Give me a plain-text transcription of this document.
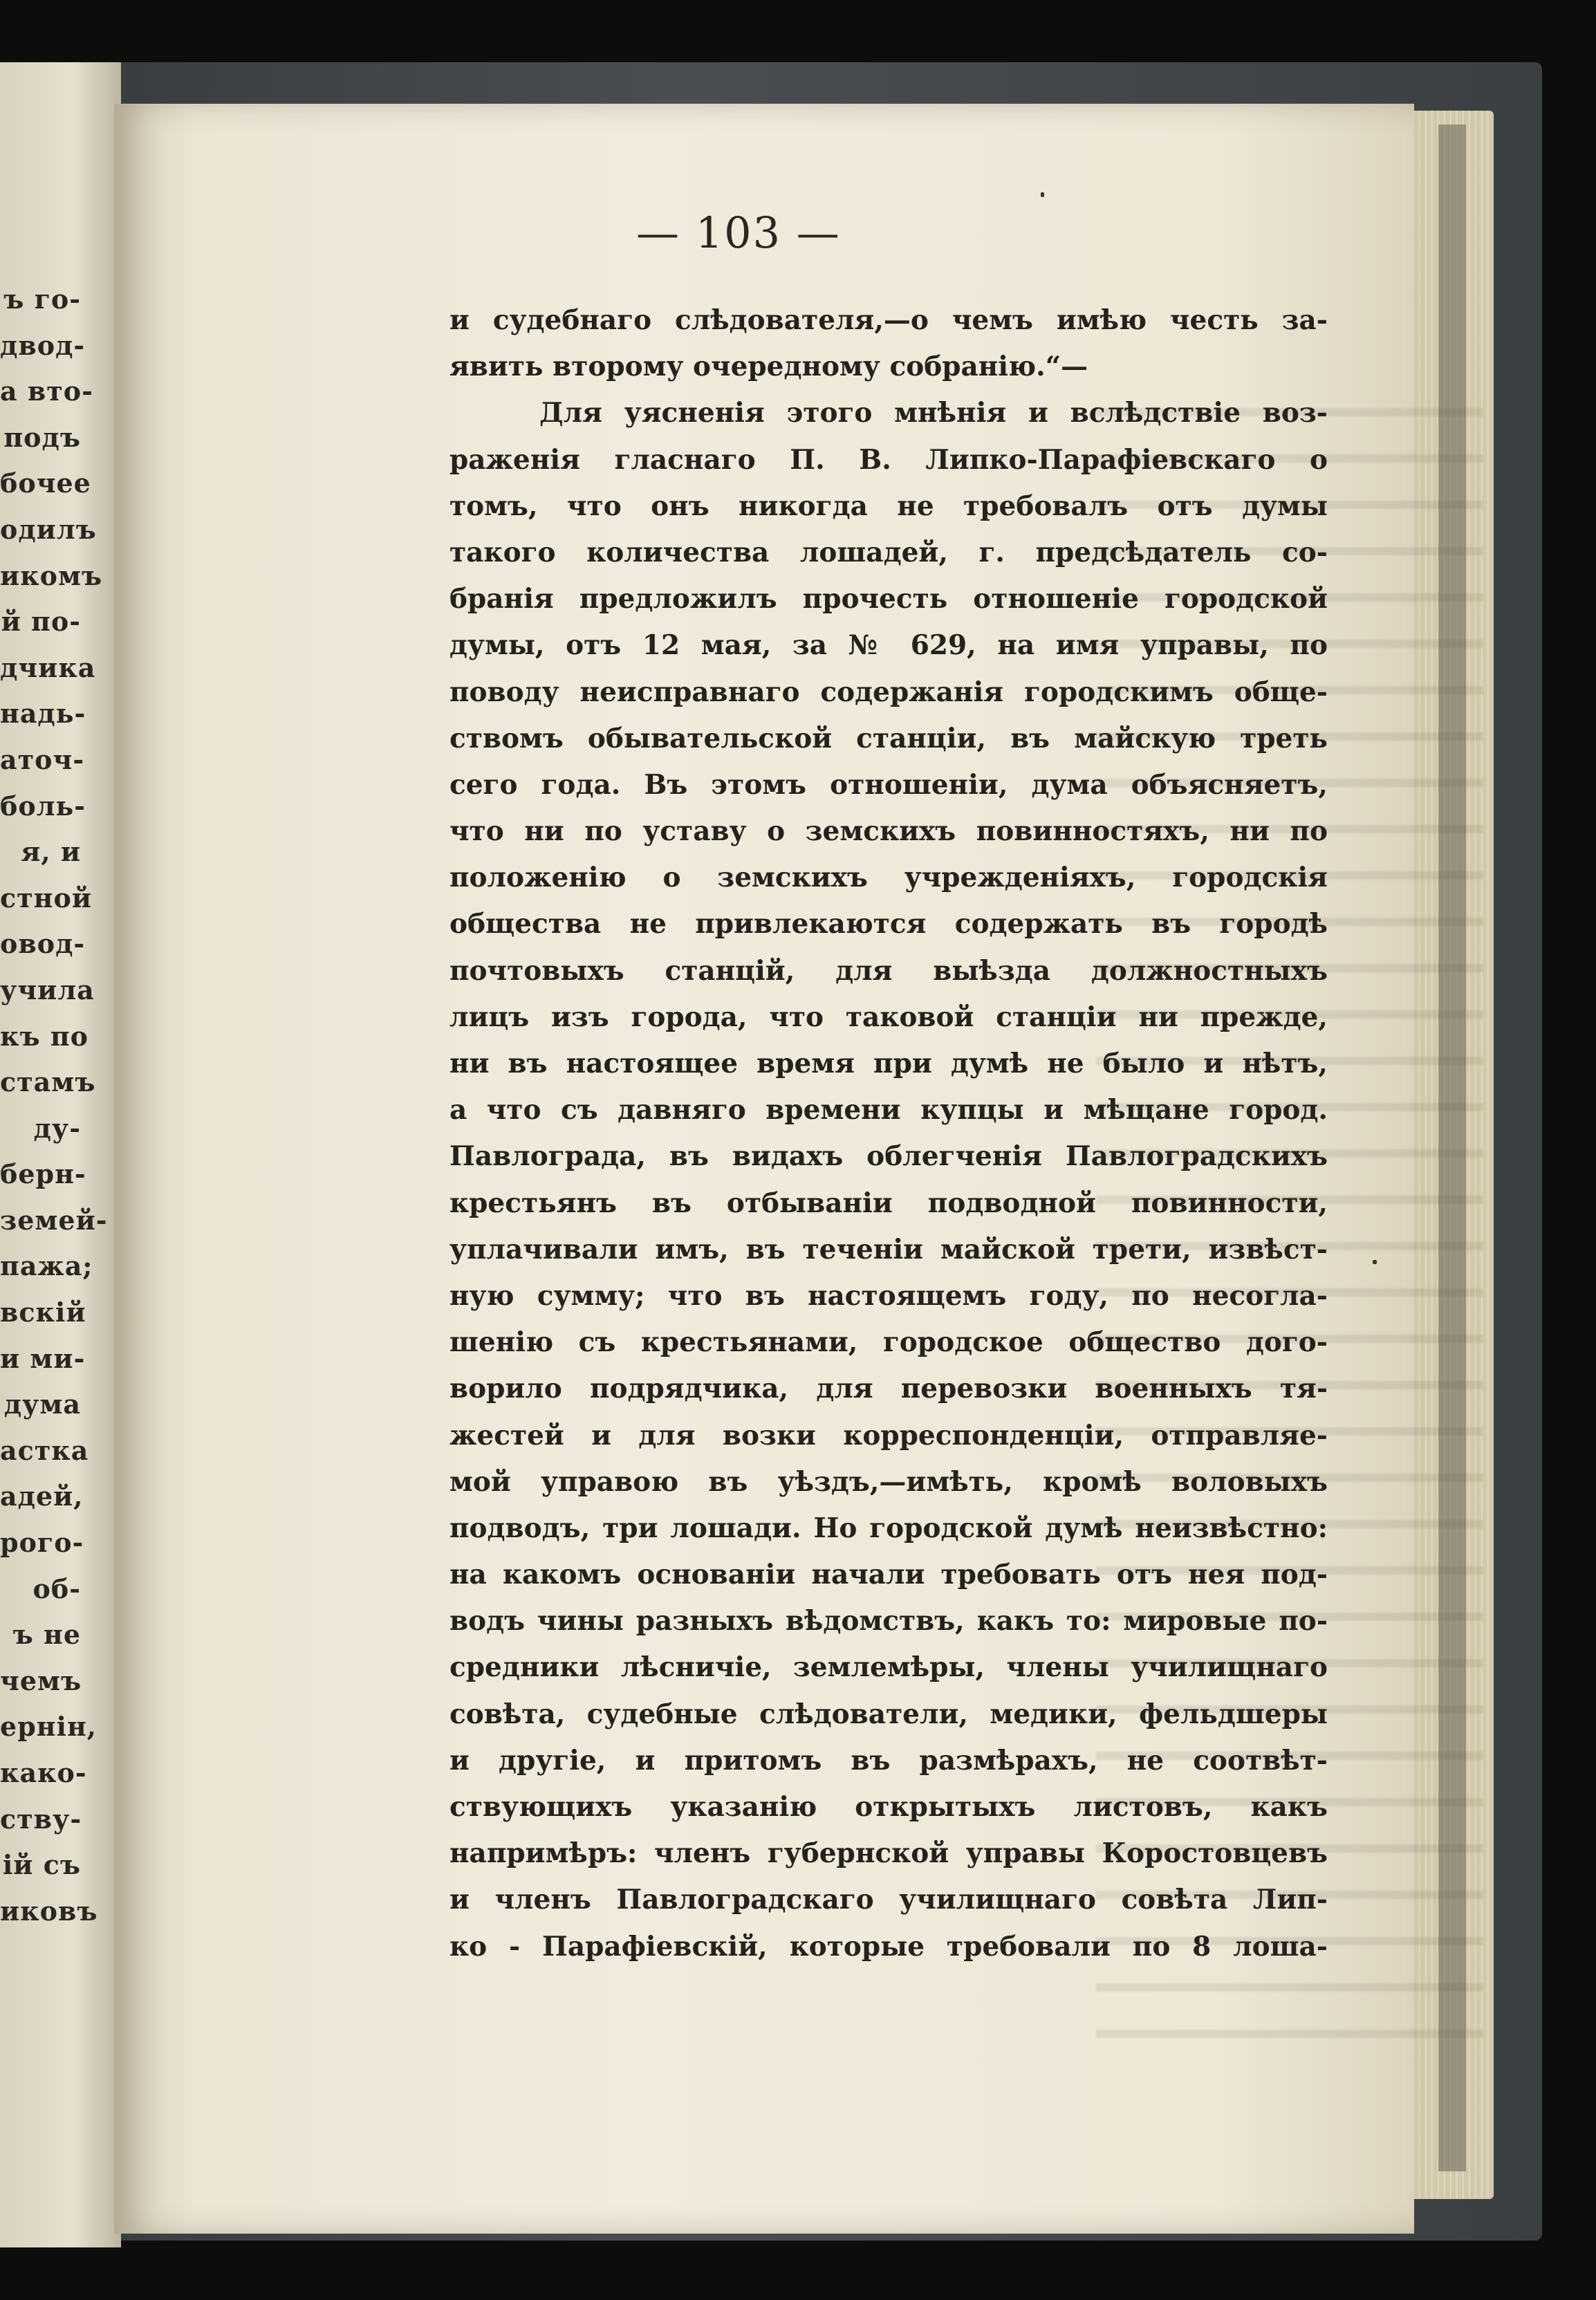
ъ го-
двод-
а вто-
подъ
бочее
одилъ
икомъ
й по-
дчика
надь-
аточ-
боль-
я, и
стной
овод-
учила
къ по
стамъ
ду-
берн-
земей-
пажа;
вскій
и ми-
дума
астка
адей,
рого-
об-
ъ не
чемъ
ернін,
како-
ству-
ій съ
иковъ
— 103 —
и судебнаго слѣдователя,—о чемъ имѣю честь за-
явить второму очередному собранію.“—
Для уясненія этого мнѣнія и вслѣдствіе воз-
раженія гласнаго П. В. Липко-Парафіевскаго о
томъ, что онъ никогда не требовалъ отъ думы
такого количества лошадей, г. предсѣдатель со-
бранія предложилъ прочесть отношеніе городской
думы, отъ 12 мая, за № 629, на имя управы, по
поводу неисправнаго содержанія городскимъ обще-
ствомъ обывательской станціи, въ майскую треть
сего года. Въ этомъ отношеніи, дума объясняетъ,
что ни по уставу о земскихъ повинностяхъ, ни по
положенію о земскихъ учрежденіяхъ, городскія
общества не привлекаются содержать въ городѣ
почтовыхъ станцій, для выѣзда должностныхъ
лицъ изъ города, что таковой станціи ни прежде,
ни въ настоящее время при думѣ не было и нѣтъ,
а что съ давняго времени купцы и мѣщане город.
Павлограда, въ видахъ облегченія Павлоградскихъ
крестьянъ въ отбываніи подводной повинности,
уплачивали имъ, въ теченіи майской трети, извѣст-
ную сумму; что въ настоящемъ году, по несогла-
шенію съ крестьянами, городское общество дого-
ворило подрядчика, для перевозки военныхъ тя-
жестей и для возки корреспонденціи, отправляе-
мой управою въ уѣздъ,—имѣть, кромѣ воловыхъ
подводъ, три лошади. Но городской думѣ неизвѣстно:
на какомъ основаніи начали требовать отъ нея под-
водъ чины разныхъ вѣдомствъ, какъ то: мировые по-
средники лѣсничіе, землемѣры, члены училищнаго
совѣта, судебные слѣдователи, медики, фельдшеры
и другіе, и притомъ въ размѣрахъ, не соотвѣт-
ствующихъ указанію открытыхъ листовъ, какъ
напримѣръ: членъ губернской управы Коростовцевъ
и членъ Павлоградскаго училищнаго совѣта Лип-
ко - Парафіевскій, которые требовали по 8 лоша-
